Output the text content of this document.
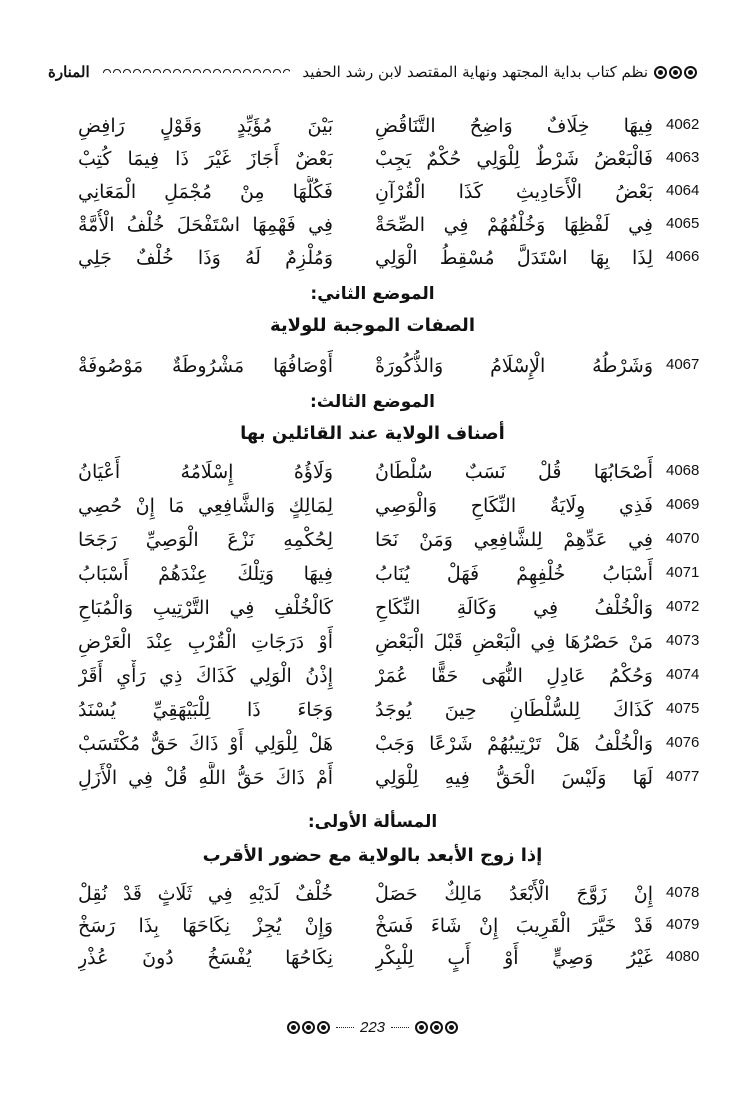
نظم كتاب بداية المجتهد ونهاية المقتصد لابن رشد الحفيد
المنارة
4062
فِيهَا خِلَافٌ وَاضِحُ التَّنَاقُضِ
بَيْنَ مُؤَيِّدٍ وَقَوْلٍ رَافِضِ
4063
فَالْبَعْضُ شَرْطٌ لِلْوَلِي حُكْمٌ يَجِبْ
بَعْضٌ أَجَازَ غَيْرَ ذَا فِيمَا كُتِبْ
4064
بَعْضُ الْأَحَادِيثِ كَذَا الْقُرْآنِ
فَكُلُّهَا مِنْ مُجْمَلِ الْمَعَانِي
4065
فِي لَفْظِهَا وَخُلْفُهُمْ فِي الصِّحَةْ
فِي فَهْمِهَا اسْتَفْحَلَ خُلْفُ الْأُمَّةْ
4066
لِذَا بِهَا اسْتَدَلَّ مُسْقِطُ الْوَلِي
وَمُلْزِمٌ لَهُ وَذَا خُلْفٌ جَلِي
الموضع الثاني:
الصفات الموجبة للولاية
4067
وَشَرْطُهُ الْإِسْلَامُ وَالذُّكُورَةْ
أَوْصَافُهَا مَشْرُوطَةٌ مَوْصُوفَةْ
الموضع الثالث:
أصناف الولاية عند القائلين بها
4068
أَصْحَابُهَا قُلْ نَسَبٌ سُلْطَانُ
وَلَاؤُهُ إِسْلَامُهُ أَعْيَانُ
4069
فَذِي وِلَايَةُ النِّكَاحِ وَالْوَصِي
لِمَالِكٍ وَالشَّافِعِي مَا إِنْ حُصِي
4070
فِي عَدِّهِمْ لِلشَّافِعِي وَمَنْ نَحَا
لِحُكْمِهِ نَزْعَ الْوَصِيِّ رَجَحَا
4071
أَسْبَابُ خُلْفِهِمْ فَهَلْ يُنَابُ
فِيهَا وَتِلْكَ عِنْدَهُمْ أَسْبَابُ
4072
وَالْخُلْفُ فِي وَكَالَةِ النِّكَاحِ
كَالْخُلْفِ فِي التَّرْتِيبِ وَالْمُبَاحِ
4073
مَنْ حَصْرُهَا فِي الْبَعْضِ قَبْلَ الْبَعْضِ
أَوْ دَرَجَاتِ الْقُرْبِ عِنْدَ الْعَرْضِ
4074
وَحُكْمُ عَادِلِ النُّهَى حَقًّا عُمَرْ
إِذْنُ الْوَلِي كَذَاكَ ذِي رَأْيِ أَقَرْ
4075
كَذَاكَ لِلسُّلْطَانِ حِينَ يُوجَدُ
وَجَاءَ ذَا لِلْبَيْهَقِيِّ يُسْنَدُ
4076
وَالْخُلْفُ هَلْ تَرْتِيبُهُمْ شَرْعًا وَجَبْ
هَلْ لِلْوَلِي أَوْ ذَاكَ حَقٌّ مُكْتَسَبْ
4077
لَهَا وَلَيْسَ الْحَقُّ فِيهِ لِلْوَلِي
أَمْ ذَاكَ حَقُّ اللَّهِ قُلْ فِي الْأَزَلِ
المسألة الأولى:
إذا زوج الأبعد بالولاية مع حضور الأقرب
4078
إِنْ زَوَّجَ الْأَبْعَدُ مَالِكٌ حَصَلْ
خُلْفٌ لَدَيْهِ فِي ثَلَاثٍ قَدْ نُقِلْ
4079
قَدْ خَيَّرَ الْقَرِيبَ إِنْ شَاءَ فَسَخْ
وَإِنْ يُجِزْ نِكَاحَهَا بِذَا رَسَخْ
4080
غَيْرُ وَصِيٍّ أَوْ أَبٍ لِلْبِكْرِ
نِكَاحُهَا يُفْسَخُ دُونَ عُذْرِ
223
